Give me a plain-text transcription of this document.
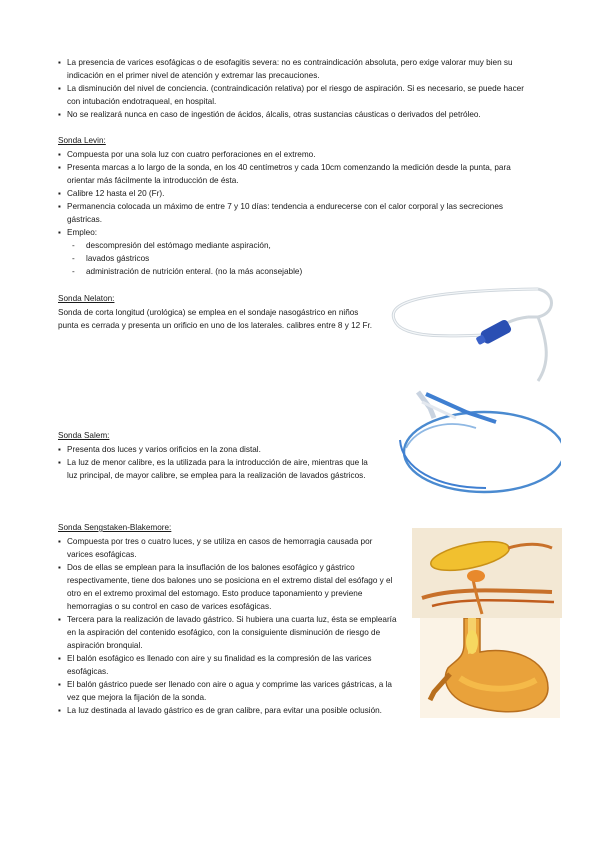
▪ La presencia de varices esofágicas o de esofagitis severa: no es contraindicación absoluta, pero exige valorar muy bien su indicación en el primer nivel de atención y extremar las precauciones.
▪ La disminución del nivel de conciencia. (contraindicación relativa) por el riesgo de aspiración. Si es necesario, se puede hacer con intubación endotraqueal, en hospital.
▪ No se realizará nunca en caso de ingestión de ácidos, álcalis, otras sustancias cáusticas o derivados del petróleo.
Sonda Levin:
▪ Compuesta por una sola luz con cuatro perforaciones en el extremo.
▪ Presenta marcas a lo largo de la sonda, en los 40 centímetros y cada 10cm comenzando la medición desde la punta, para orientar más fácilmente la introducción de ésta.
▪ Calibre 12 hasta el 20 (Fr).
▪ Permanencia colocada un máximo de entre 7 y 10 días: tendencia a endurecerse con el calor corporal y las secreciones gástricas.
▪ Empleo:
- descompresión del estómago mediante aspiración,
- lavados gástricos
- administración de nutrición enteral. (no la más aconsejable)
Sonda Nelaton:
Sonda de corta longitud (urológica) se emplea en el sondaje nasogástrico en niños punta es cerrada y presenta un orificio en uno de los laterales. calibres entre 8 y 12 Fr.
Sonda Salem:
▪ Presenta dos luces y varios orificios en la zona distal.
▪ La luz de menor calibre, es la utilizada para la introducción de aire, mientras que la luz principal, de mayor calibre, se emplea para la realización de lavados gástricos.
Sonda Sengstaken-Blakemore:
▪ Compuesta por tres o cuatro luces, y se utiliza en casos de hemorragia causada por varices esofágicas.
▪ Dos de ellas se emplean para la insuflación de los balones esofágico y gástrico respectivamente, tiene dos balones uno se posiciona en el extremo distal del esófago y el otro en el extremo proximal del estomago. Esto produce taponamiento y previene hemorragias o su control en caso de varices esofágicas.
▪ Tercera para la realización de lavado gástrico. Si hubiera una cuarta luz, ésta se emplearía en la aspiración del contenido esofágico, con la consiguiente disminución de riesgo de aspiración bronquial.
▪ El balón esofágico es llenado con aire y su finalidad es la compresión de las varices esofágicas.
▪ El balón gástrico puede ser llenado con aire o agua y comprime las varices gástricas, a la vez que mejora la fijación de la sonda.
▪ La luz destinada al lavado gástrico es de gran calibre, para evitar una posible oclusión.
